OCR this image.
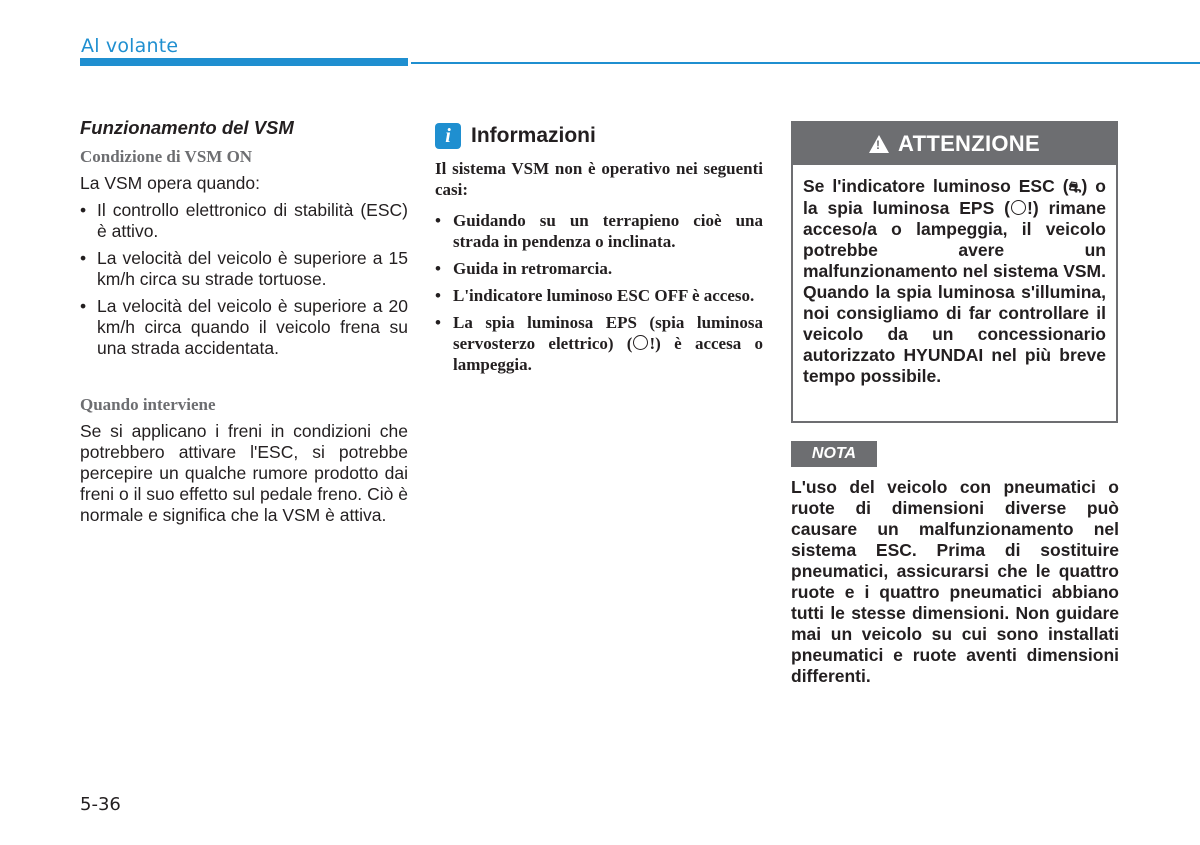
Al volante
Funzionamento del VSM
Condizione di VSM ON

La VSM opera quando:

• Il controllo elettronico di stabilità (ESC) è attivo.
• La velocità del veicolo è superiore a 15 km/h circa su strade tortuose.
• La velocità del veicolo è superiore a 20 km/h circa quando il veicolo frena su una strada accidentata.
Quando interviene

Se si applicano i freni in condizioni che potrebbero attivare l'ESC, si potrebbe percepire un qualche rumore prodotto dai freni o il suo effetto sul pedale freno. Ciò è normale e significa che la VSM è attiva.

i Informazioni

Il sistema VSM non è operativo nei seguenti casi:

• Guidando su un terrapieno cioè una strada in pendenza o inclinata.
• Guida in retromarcia.
• L'indicatore luminoso ESC OFF è acceso.
• La spia luminosa EPS (spia luminosa servosterzo elettrico) ( !) è accesa o lampeggia.
! ATTENZIONE
Se l'indicatore luminoso ESC (⛐) o la spia luminosa EPS ( !) rimane acceso/a o lampeggia, il veicolo potrebbe avere un malfunzionamento nel sistema VSM. Quando la spia luminosa s'illumina, noi consigliamo di far controllare il veicolo da un concessionario autorizzato HYUNDAI nel più breve tempo possibile.
NOTA
L'uso del veicolo con pneumatici o ruote di dimensioni diverse può causare un malfunzionamento nel sistema ESC. Prima di sostituire pneumatici, assicurarsi che le quattro ruote e i quattro pneumatici abbiano tutti le stesse dimensioni. Non guidare mai un veicolo su cui sono installati pneumatici e ruote aventi dimensioni differenti.
5-36
